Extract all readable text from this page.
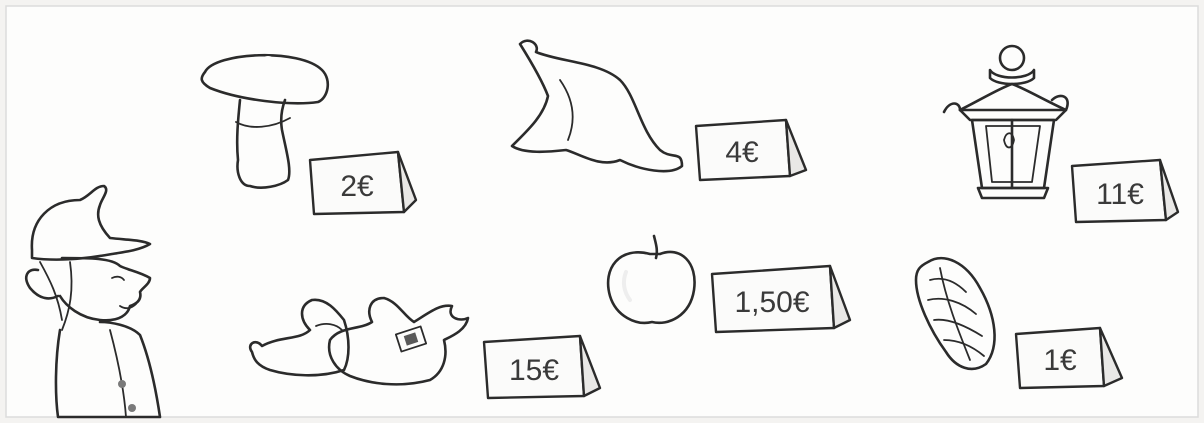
2€
4€
11€
1,50€
1€
15€
